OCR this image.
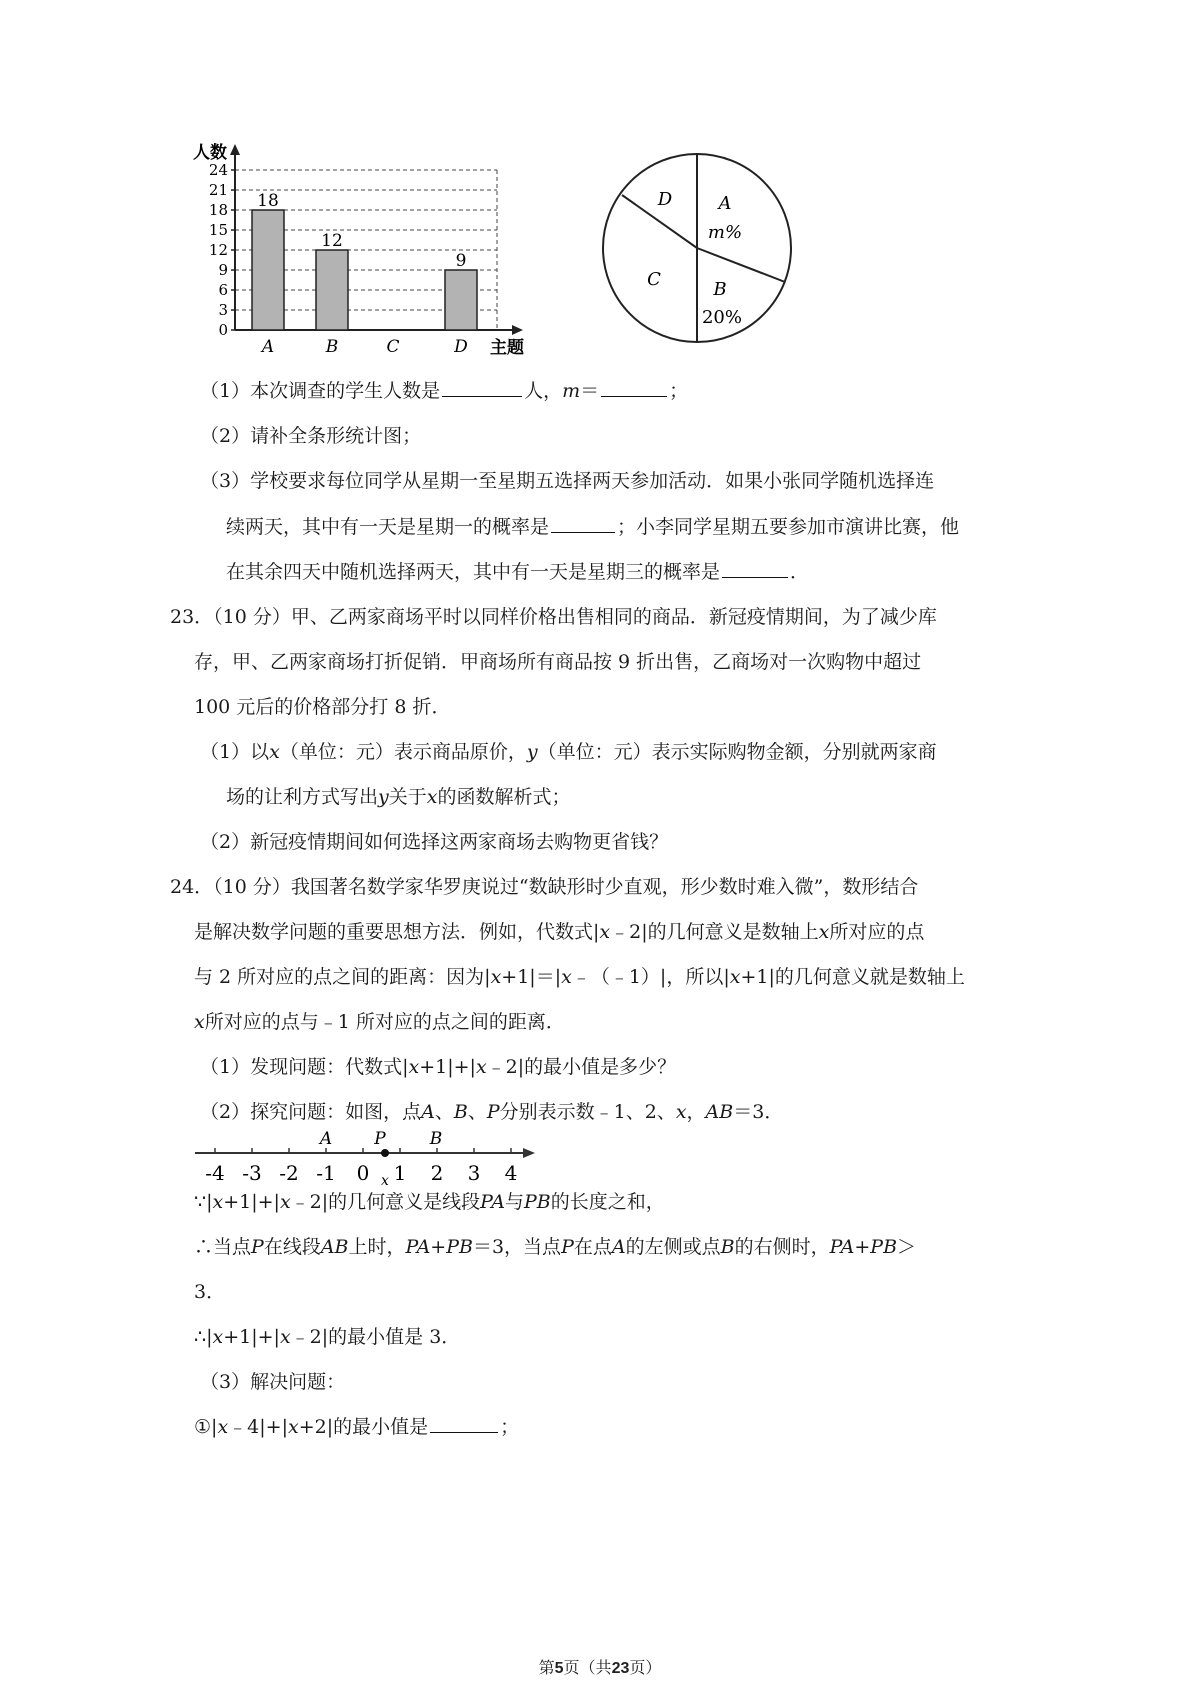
人数
0
3
6
9
12
15
18
21
24
A	B	C	D
18
12
9
主题
A
m%
B
20%
C
D
（1）本次调查的学生人数是	人，m＝	；
（2）请补全条形统计图；
（3）学校要求每位同学从星期一至星期五选择两天参加活动．如果小张同学随机选择连
续两天，其中有一天是星期一的概率是	；小李同学星期五要参加市演讲比赛，他
在其余四天中随机选择两天，其中有一天是星期三的概率是	．
23．（10 分）甲、乙两家商场平时以同样价格出售相同的商品．新冠疫情期间，为了减少库
存，甲、乙两家商场打折促销．甲商场所有商品按 9 折出售，乙商场对一次购物中超过
100 元后的价格部分打 8 折．
（1）以x（单位：元）表示商品原价，y（单位：元）表示实际购物金额，分别就两家商
场的让利方式写出y关于x的函数解析式；
（2）新冠疫情期间如何选择这两家商场去购物更省钱？
24．（10 分）我国著名数学家华罗庚说过“数缺形时少直观，形少数时难入微”，数形结合
是解决数学问题的重要思想方法．例如，代数式|x﹣2|的几何意义是数轴上x所对应的点
与 2 所对应的点之间的距离：因为|x+1|＝|x﹣（﹣1）|，所以|x+1|的几何意义就是数轴上
x所对应的点与﹣1 所对应的点之间的距离．
（1）发现问题：代数式|x+1|+|x﹣2|的最小值是多少？
（2）探究问题：如图，点A、B、P分别表示数﹣1、2、x，AB＝3．
-4 -3 -2 -1 0 1 2 3 4
A P	B
x
∵|x+1|+|x﹣2|的几何意义是线段PA与PB的长度之和，
∴当点P在线段AB上时，PA+PB＝3，当点P在点A的左侧或点B的右侧时，PA+PB＞
3．
∴|x+1|+|x﹣2|的最小值是 3．
（3）解决问题：
①|x﹣4|+|x+2|的最小值是	；
第5页（共23页）
